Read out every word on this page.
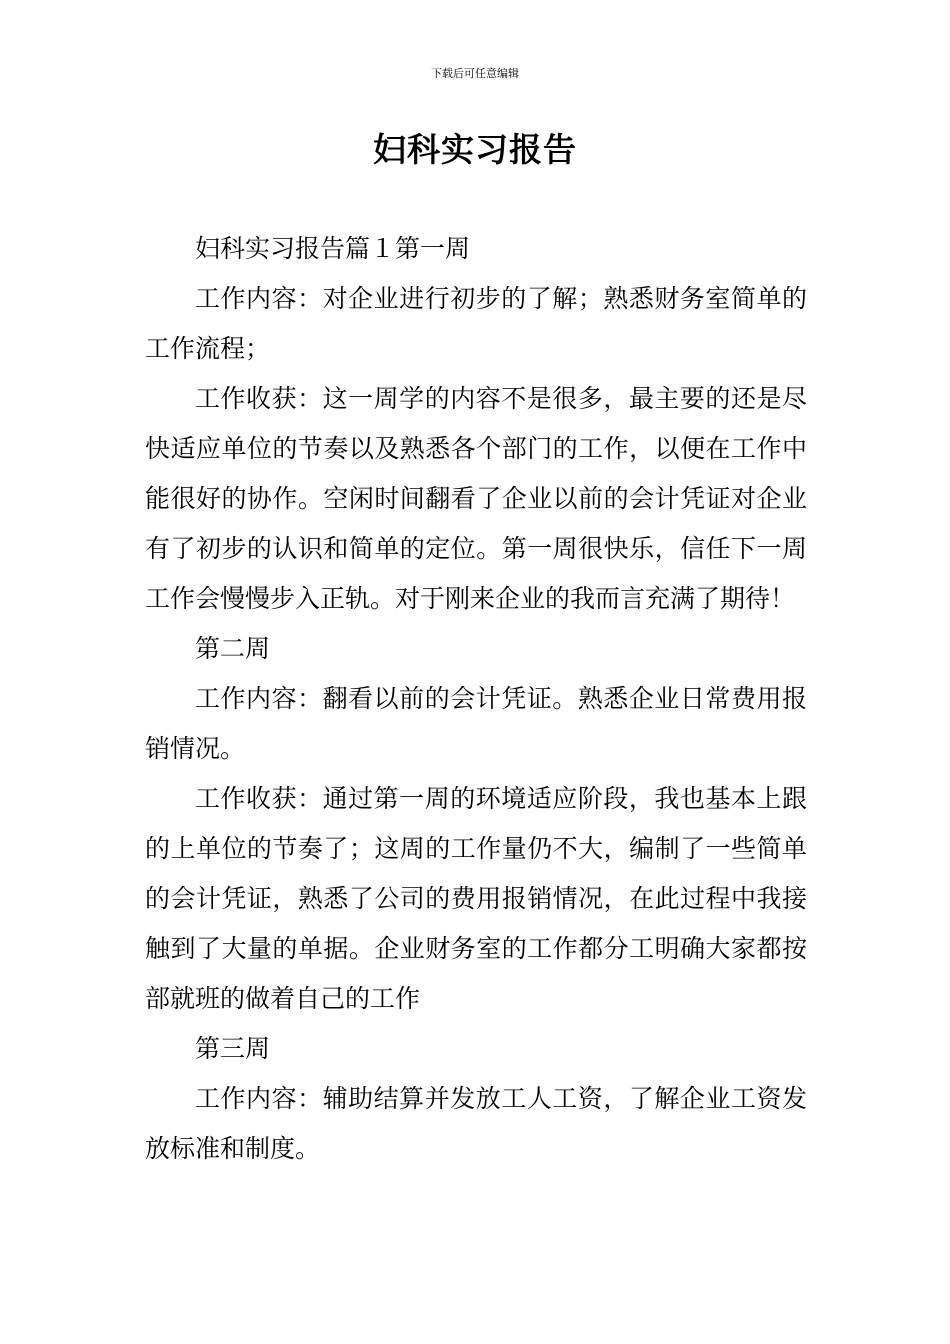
下载后可任意编辑
妇科实习报告

妇科实习报告篇１第一周

工作内容：对企业进行初步的了解；熟悉财务室简单的工作流程；

工作收获：这一周学的内容不是很多，最主要的还是尽快适应单位的节奏以及熟悉各个部门的工作，以便在工作中能很好的协作。空闲时间翻看了企业以前的会计凭证对企业有了初步的认识和简单的定位。第一周很快乐，信任下一周工作会慢慢步入正轨。对于刚来企业的我而言充满了期待！

第二周

工作内容：翻看以前的会计凭证。熟悉企业日常费用报销情况。

工作收获：通过第一周的环境适应阶段，我也基本上跟的上单位的节奏了；这周的工作量仍不大，编制了一些简单的会计凭证，熟悉了公司的费用报销情况，在此过程中我接触到了大量的单据。企业财务室的工作都分工明确大家都按部就班的做着自己的工作

第三周

工作内容：辅助结算并发放工人工资，了解企业工资发放标准和制度。
